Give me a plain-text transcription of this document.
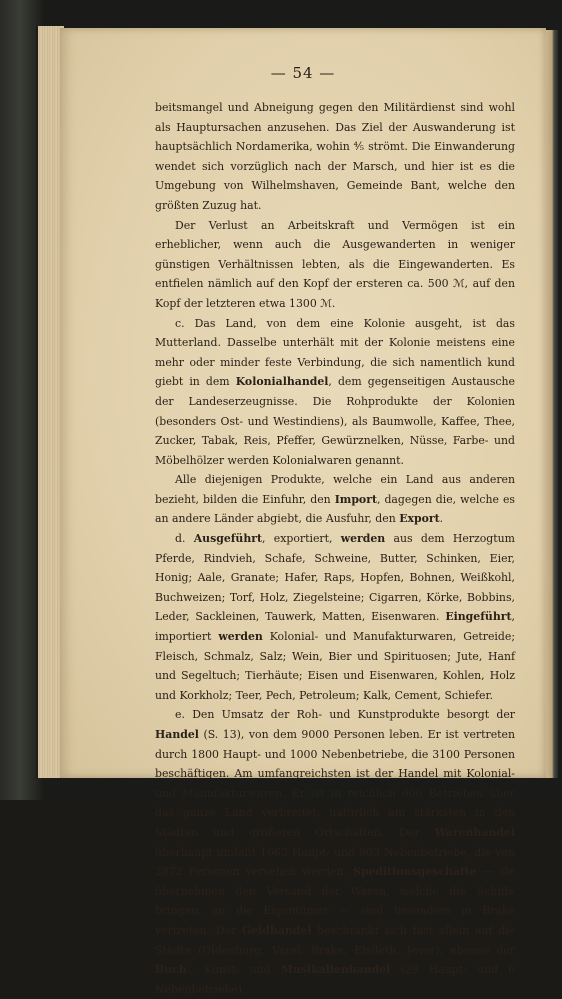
— 54 —

beitsmangel und Abneigung gegen den Militärdienst sind wohl als Hauptursachen anzusehen. Das Ziel der Auswanderung ist hauptsächlich Nordamerika, wohin ⅘ strömt. Die Einwanderung wendet sich vorzüglich nach der Marsch, und hier ist es die Umgebung von Wilhelmshaven, Gemeinde Bant, welche den größten Zuzug hat.

Der Verlust an Arbeitskraft und Vermögen ist ein erheblicher, wenn auch die Ausgewanderten in weniger günstigen Verhältnissen lebten, als die Eingewanderten. Es entfielen nämlich auf den Kopf der ersteren ca. 500 ℳ, auf den Kopf der letzteren etwa 1300 ℳ.

c. Das Land, von dem eine Kolonie ausgeht, ist das Mutterland. Dasselbe unterhält mit der Kolonie meistens eine mehr oder minder feste Verbindung, die sich namentlich kund giebt in dem Kolonialhandel, dem gegenseitigen Austausche der Landeserzeugnisse. Die Rohprodukte der Kolonien (besonders Ost- und Westindiens), als Baumwolle, Kaffee, Thee, Zucker, Tabak, Reis, Pfeffer, Gewürznelken, Nüsse, Farbe- und Möbelhölzer werden Kolonialwaren genannt.

Alle diejenigen Produkte, welche ein Land aus anderen bezieht, bilden die Einfuhr, den Import, dagegen die, welche es an andere Länder abgiebt, die Ausfuhr, den Export.

d. Ausgeführt, exportiert, werden aus dem Herzogtum Pferde, Rindvieh, Schafe, Schweine, Butter, Schinken, Eier, Honig; Aale, Granate; Hafer, Raps, Hopfen, Bohnen, Weißkohl, Buchweizen; Torf, Holz, Ziegelsteine; Cigarren, Körke, Bobbins, Leder, Sackleinen, Tauwerk, Matten, Eisenwaren. Eingeführt, importiert werden Kolonial- und Manufakturwaren, Getreide; Fleisch, Schmalz, Salz; Wein, Bier und Spirituosen; Jute, Hanf und Segeltuch; Tierhäute; Eisen und Eisenwaren, Kohlen, Holz und Korkholz; Teer, Pech, Petroleum; Kalk, Cement, Schiefer.

e. Den Umsatz der Roh- und Kunstprodukte besorgt der Handel (S. 13), von dem 9000 Personen leben. Er ist vertreten durch 1800 Haupt- und 1000 Nebenbetriebe, die 3100 Personen beschäftigen. Am umfangreichsten ist der Handel mit Kolonial- und Manufakturwaren. Er ist in reichlich 900 Betrieben über das ganze Land verbreitet, natürlich am stärksten in den Städten und größeren Ortschaften. Der Warenhandel überhaupt umfaßt 1663 Haupt- und 903 Nebenbetriebe, die von 2872 Personen versehen werden. Speditionsgeschäfte — sie übernehmen den Versand der Waren, welche die Schiffe bringen, an die Eigentümer — sind besonders in Brake vertreten. Der Geldhandel beschränkt sich fast allein auf die Städte (Oldenburg, Varel, Brake, Elsfleth, Jever), ebenso der Buch-, Kunst- und Musikalienhandel (29 Haupt- und 6 Nebenbetriebe).
